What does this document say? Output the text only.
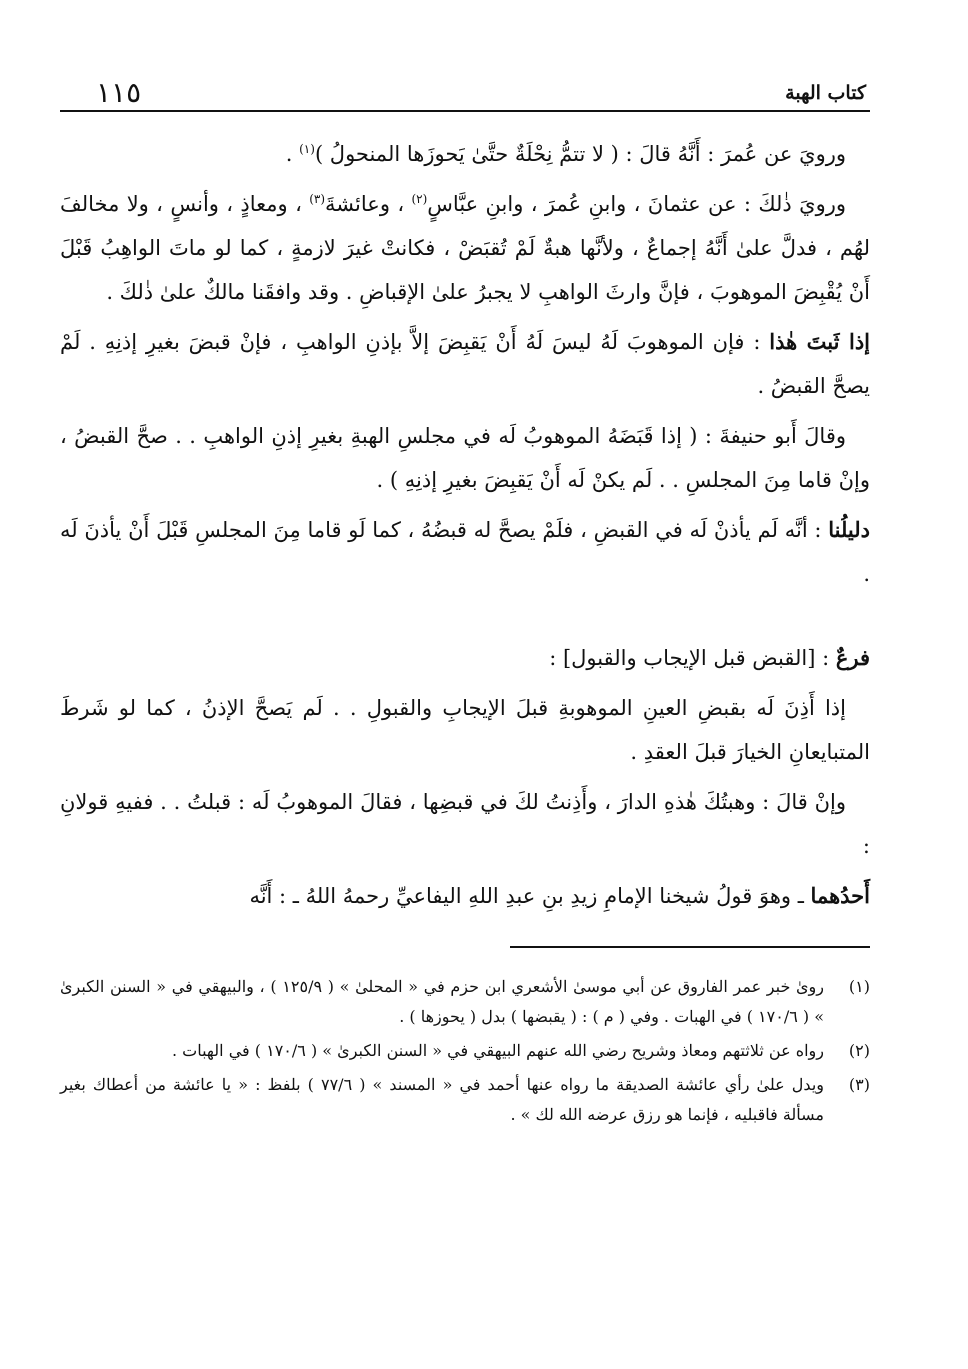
كتاب الهبة
١١٥

ورويَ عن عُمرَ : أَنَّهُ قالَ : ( لا تتمُّ نِحْلَةٌ حتَّىٰ يَحوزَها المنحولُ )$^{(١)}$ .

ورويَ ذٰلكَ : عن عثمانَ ، وابنِ عُمرَ ، وابنِ عبَّاسٍ$^{(٢)}$ ، وعائشةَ$^{(٣)}$ ، ومعاذٍ ، وأنسٍ ، ولا مخالفَ لهُم ، فدلَّ علىٰ أَنَّهُ إجماعٌ ، ولأنَّها هبةٌ لَمْ تُقبَضْ ، فكانتْ غيرَ لازمةٍ ، كما لو ماتَ الواهِبُ قَبْلَ أَنْ يُقْبِضَ الموهوبَ ، فإنَّ وارثَ الواهبِ لا يجبرُ علىٰ الإقباضِ . وقد وافقَنا مالكٌ علىٰ ذٰلكَ .

إذا ثَبتَ هٰذا : فإن الموهوبَ لَهُ ليسَ لَهُ أَنْ يَقبِضَ إلاَّ بإذنِ الواهبِ ، فإنْ قبضَ بغيرِ إذنِهِ . لَمْ يصحَّ القبضُ .

وقالَ أَبو حنيفةَ : ( إذا قَبَضَهُ الموهوبُ لَه في مجلسِ الهبةِ بغيرِ إذنِ الواهبِ . . صحَّ القبضُ ، وإنْ قاما مِنَ المجلسِ . . لَم يكنْ لَه أَنْ يَقبِضَ بغيرِ إذنِهِ ) .

دليلُنا : أنَّه لَم يأذنْ لَه في القبضِ ، فلَمْ يصحَّ له قبضُهُ ، كما لَو قاما مِنَ المجلسِ قَبْلَ أَنْ يأذنَ لَه .

فرعٌ : [القبض قبل الإيجاب والقبول] :

إذا أَذِنَ لَه بقبضِ العينِ الموهوبةِ قبلَ الإيجابِ والقبولِ . . لَم يَصحَّ الإذنُ ، كما لو شَرطَ المتبايعانِ الخيارَ قبلَ العقدِ .

وإنْ قالَ : وهبتُكَ هٰذهِ الدارَ ، وأَذِنتُ لكَ في قبضِها ، فقالَ الموهوبُ لَه : قبلتُ . . ففيهِ قولانِ :

أَحدُهما ـ وهوَ قولُ شيخنا الإمامِ زيدِ بنِ عبدِ اللهِ اليفاعيِّ رحمهُ اللهُ ـ : أَنَّه

(١)
روىٰ خبر عمر الفاروق عن أبي موسىٰ الأشعري ابن حزم في « المحلىٰ » ( ١٢٥/٩ ) ، والبيهقي في « السنن الكبرىٰ » ( ١٧٠/٦ ) في الهبات . وفي ( م ) : ( يقبضها ) بدل ( يحوزها ) .
(٢)
رواه عن ثلاثتهم ومعاذ وشريح رضي الله عنهم البيهقي في « السنن الكبرىٰ » ( ١٧٠/٦ ) في الهبات .
(٣)
ويدل علىٰ رأي عائشة الصديقة ما رواه عنها أحمد في « المسند » ( ٧٧/٦ ) بلفظ : « يا عائشة من أعطاك بغير مسألة فاقبليه ، فإنما هو رزق عرضه الله لك » .
